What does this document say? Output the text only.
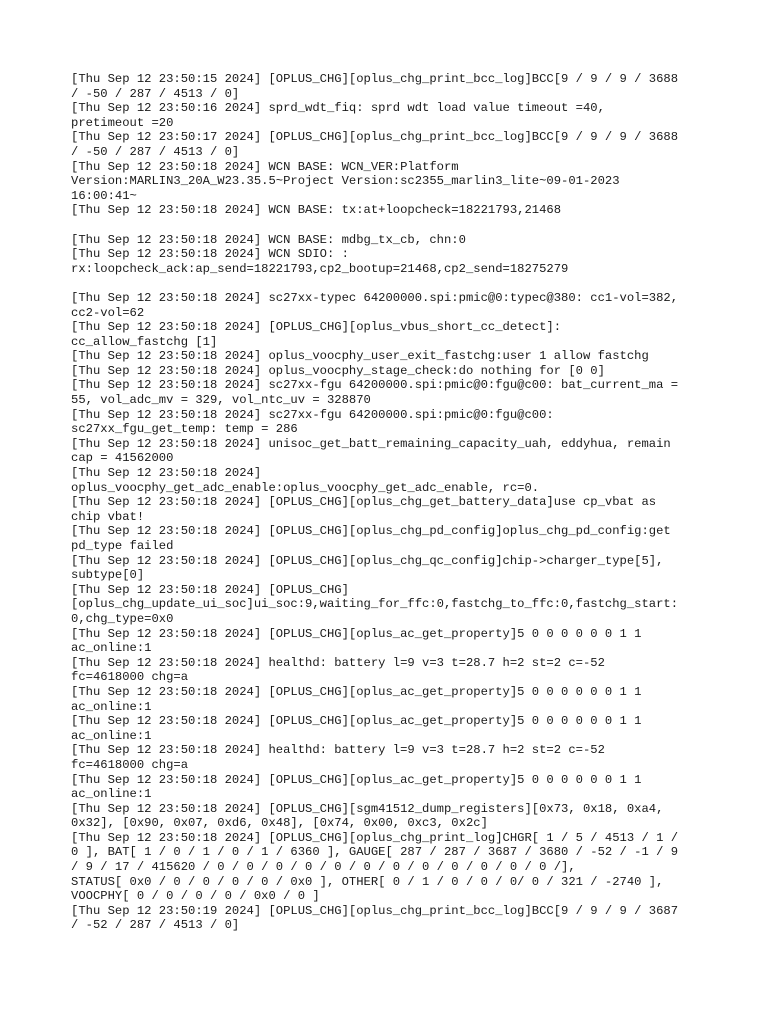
[Thu Sep 12 23:50:15 2024] [OPLUS_CHG][oplus_chg_print_bcc_log]BCC[9 / 9 / 9 / 3688
/ -50 / 287 / 4513 / 0]
[Thu Sep 12 23:50:16 2024] sprd_wdt_fiq: sprd wdt load value timeout =40,
pretimeout =20
[Thu Sep 12 23:50:17 2024] [OPLUS_CHG][oplus_chg_print_bcc_log]BCC[9 / 9 / 9 / 3688
/ -50 / 287 / 4513 / 0]
[Thu Sep 12 23:50:18 2024] WCN BASE: WCN_VER:Platform
Version:MARLIN3_20A_W23.35.5~Project Version:sc2355_marlin3_lite~09-01-2023
16:00:41~
[Thu Sep 12 23:50:18 2024] WCN BASE: tx:at+loopcheck=18221793,21468
[Thu Sep 12 23:50:18 2024] WCN BASE: mdbg_tx_cb, chn:0
[Thu Sep 12 23:50:18 2024] WCN SDIO: :
rx:loopcheck_ack:ap_send=18221793,cp2_bootup=21468,cp2_send=18275279
[Thu Sep 12 23:50:18 2024] sc27xx-typec 64200000.spi:pmic@0:typec@380: cc1-vol=382,
cc2-vol=62
[Thu Sep 12 23:50:18 2024] [OPLUS_CHG][oplus_vbus_short_cc_detect]:
cc_allow_fastchg [1]
[Thu Sep 12 23:50:18 2024] oplus_voocphy_user_exit_fastchg:user 1 allow fastchg
[Thu Sep 12 23:50:18 2024] oplus_voocphy_stage_check:do nothing for [0 0]
[Thu Sep 12 23:50:18 2024] sc27xx-fgu 64200000.spi:pmic@0:fgu@c00: bat_current_ma =
55, vol_adc_mv = 329, vol_ntc_uv = 328870
[Thu Sep 12 23:50:18 2024] sc27xx-fgu 64200000.spi:pmic@0:fgu@c00:
sc27xx_fgu_get_temp: temp = 286
[Thu Sep 12 23:50:18 2024] unisoc_get_batt_remaining_capacity_uah, eddyhua, remain
cap = 41562000
[Thu Sep 12 23:50:18 2024]
oplus_voocphy_get_adc_enable:oplus_voocphy_get_adc_enable, rc=0.
[Thu Sep 12 23:50:18 2024] [OPLUS_CHG][oplus_chg_get_battery_data]use cp_vbat as
chip vbat!
[Thu Sep 12 23:50:18 2024] [OPLUS_CHG][oplus_chg_pd_config]oplus_chg_pd_config:get
pd_type failed
[Thu Sep 12 23:50:18 2024] [OPLUS_CHG][oplus_chg_qc_config]chip->charger_type[5],
subtype[0]
[Thu Sep 12 23:50:18 2024] [OPLUS_CHG]
[oplus_chg_update_ui_soc]ui_soc:9,waiting_for_ffc:0,fastchg_to_ffc:0,fastchg_start:
0,chg_type=0x0
[Thu Sep 12 23:50:18 2024] [OPLUS_CHG][oplus_ac_get_property]5 0 0 0 0 0 0 1 1
ac_online:1
[Thu Sep 12 23:50:18 2024] healthd: battery l=9 v=3 t=28.7 h=2 st=2 c=-52
fc=4618000 chg=a
[Thu Sep 12 23:50:18 2024] [OPLUS_CHG][oplus_ac_get_property]5 0 0 0 0 0 0 1 1
ac_online:1
[Thu Sep 12 23:50:18 2024] [OPLUS_CHG][oplus_ac_get_property]5 0 0 0 0 0 0 1 1
ac_online:1
[Thu Sep 12 23:50:18 2024] healthd: battery l=9 v=3 t=28.7 h=2 st=2 c=-52
fc=4618000 chg=a
[Thu Sep 12 23:50:18 2024] [OPLUS_CHG][oplus_ac_get_property]5 0 0 0 0 0 0 1 1
ac_online:1
[Thu Sep 12 23:50:18 2024] [OPLUS_CHG][sgm41512_dump_registers][0x73, 0x18, 0xa4,
0x32], [0x90, 0x07, 0xd6, 0x48], [0x74, 0x00, 0xc3, 0x2c]
[Thu Sep 12 23:50:18 2024] [OPLUS_CHG][oplus_chg_print_log]CHGR[ 1 / 5 / 4513 / 1 /
0 ], BAT[ 1 / 0 / 1 / 0 / 1 / 6360 ], GAUGE[ 287 / 287 / 3687 / 3680 / -52 / -1 / 9
/ 9 / 17 / 415620 / 0 / 0 / 0 / 0 / 0 / 0 / 0 / 0 / 0 / 0 / 0 / 0 /],
STATUS[ 0x0 / 0 / 0 / 0 / 0 / 0x0 ], OTHER[ 0 / 1 / 0 / 0 / 0/ 0 / 321 / -2740 ],
VOOCPHY[ 0 / 0 / 0 / 0 / 0x0 / 0 ]
[Thu Sep 12 23:50:19 2024] [OPLUS_CHG][oplus_chg_print_bcc_log]BCC[9 / 9 / 9 / 3687
/ -52 / 287 / 4513 / 0]
